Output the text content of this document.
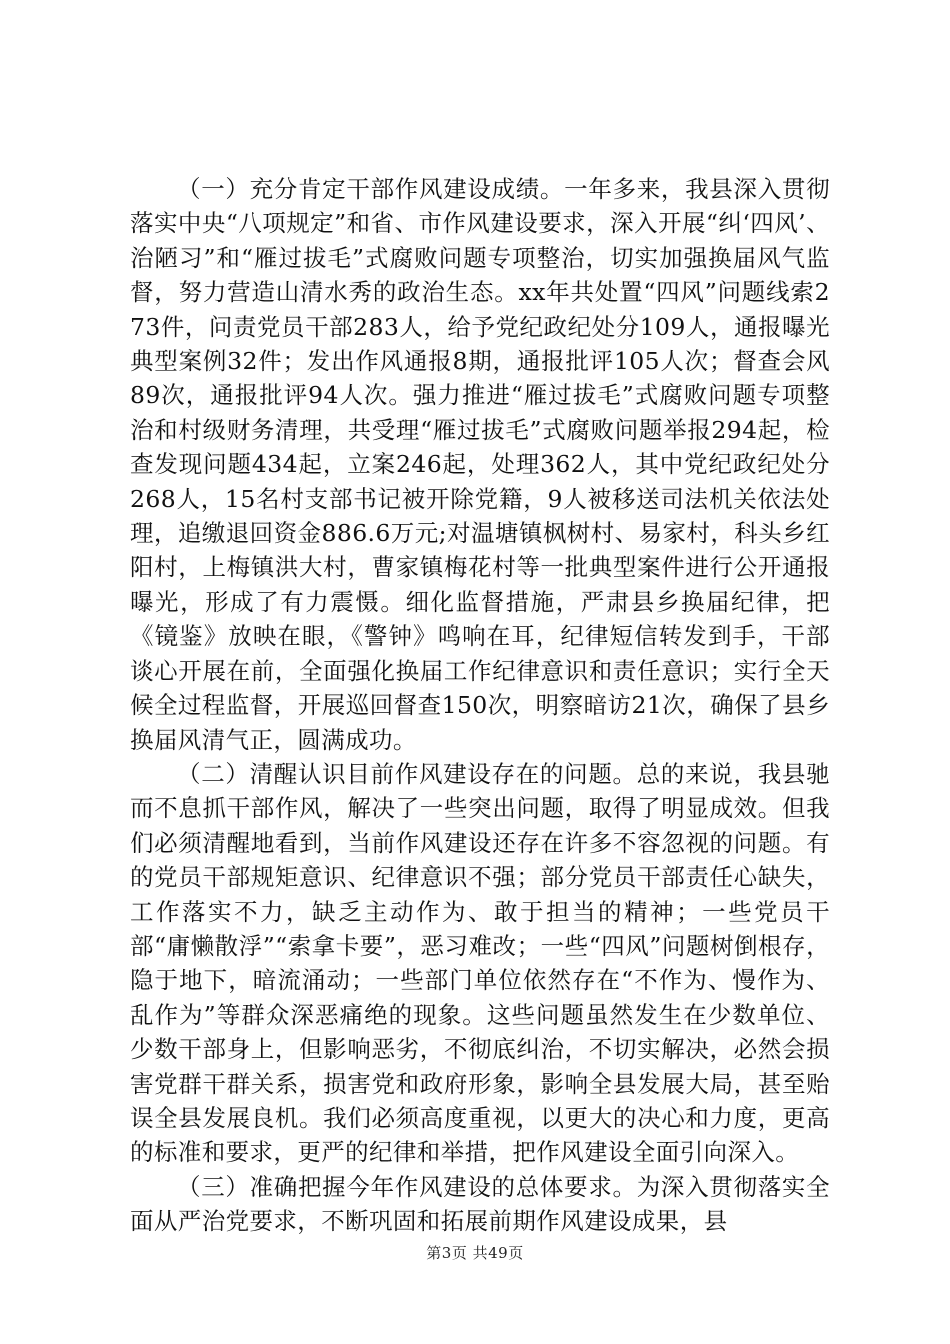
（一）充分肯定干部作风建设成绩。一年多来，我县深入贯彻落实中央“八项规定”和省、市作风建设要求，深入开展“纠‘四风’、治陋习”和“雁过拔毛”式腐败问题专项整治，切实加强换届风气监督，努力营造山清水秀的政治生态。xx年共处置“四风”问题线索273件，问责党员干部283人，给予党纪政纪处分109人，通报曝光典型案例32件；发出作风通报8期，通报批评105人次；督查会风89次，通报批评94人次。强力推进“雁过拔毛”式腐败问题专项整治和村级财务清理，共受理“雁过拔毛”式腐败问题举报294起，检查发现问题434起，立案246起，处理362人，其中党纪政纪处分268人，15名村支部书记被开除党籍，9人被移送司法机关依法处理，追缴退回资金886.6万元;对温塘镇枫树村、易家村，科头乡红阳村，上梅镇洪大村，曹家镇梅花村等一批典型案件进行公开通报曝光，形成了有力震慑。细化监督措施，严肃县乡换届纪律，把《镜鉴》放映在眼，《警钟》鸣响在耳，纪律短信转发到手，干部谈心开展在前，全面强化换届工作纪律意识和责任意识；实行全天候全过程监督，开展巡回督查150次，明察暗访21次，确保了县乡换届风清气正，圆满成功。

（二）清醒认识目前作风建设存在的问题。总的来说，我县驰而不息抓干部作风，解决了一些突出问题，取得了明显成效。但我们必须清醒地看到，当前作风建设还存在许多不容忽视的问题。有的党员干部规矩意识、纪律意识不强；部分党员干部责任心缺失，工作落实不力，缺乏主动作为、敢于担当的精神；一些党员干部“庸懒散浮”“索拿卡要”，恶习难改；一些“四风”问题树倒根存，隐于地下，暗流涌动；一些部门单位依然存在“不作为、慢作为、乱作为”等群众深恶痛绝的现象。这些问题虽然发生在少数单位、少数干部身上，但影响恶劣，不彻底纠治，不切实解决，必然会损害党群干群关系，损害党和政府形象，影响全县发展大局，甚至贻误全县发展良机。我们必须高度重视，以更大的决心和力度，更高的标准和要求，更严的纪律和举措，把作风建设全面引向深入。

（三）准确把握今年作风建设的总体要求。为深入贯彻落实全面从严治党要求，不断巩固和拓展前期作风建设成果，县

第3页 共49页
